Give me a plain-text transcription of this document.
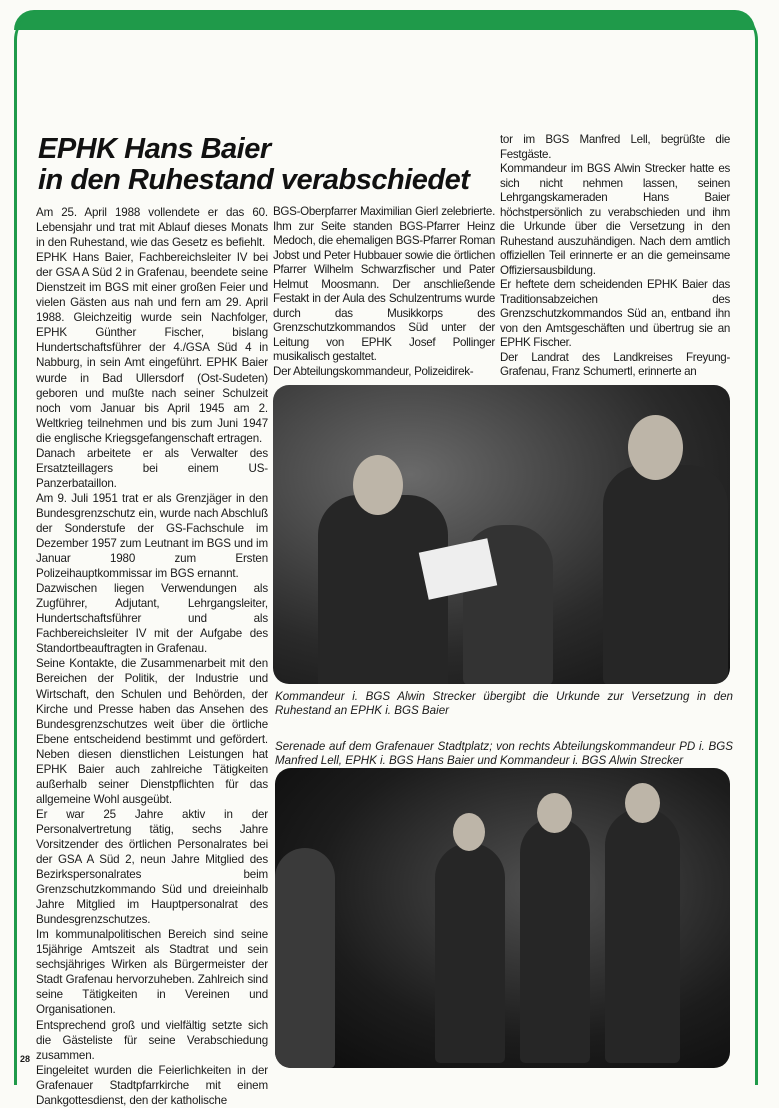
EPHK Hans Baier
in den Ruhestand verabschiedet

Am 25. April 1988 vollendete er das 60. Lebensjahr und trat mit Ablauf dieses Monats in den Ruhestand, wie das Gesetz es befiehlt.

EPHK Hans Baier, Fachbereichsleiter IV bei der GSA A Süd 2 in Grafenau, beendete seine Dienstzeit im BGS mit einer großen Feier und vielen Gästen aus nah und fern am 29. April 1988. Gleichzeitig wurde sein Nachfolger, EPHK Günther Fischer, bislang Hundertschaftsführer der 4./GSA Süd 4 in Nabburg, in sein Amt eingeführt. EPHK Baier wurde in Bad Ullersdorf (Ost-Sudeten) geboren und mußte nach seiner Schulzeit noch vom Januar bis April 1945 am 2. Weltkrieg teilnehmen und bis zum Juni 1947 die englische Kriegsgefangenschaft ertragen.

Danach arbeitete er als Verwalter des Ersatzteillagers bei einem US-Panzerbataillon.

Am 9. Juli 1951 trat er als Grenzjäger in den Bundesgrenzschutz ein, wurde nach Abschluß der Sonderstufe der GS-Fachschule im Dezember 1957 zum Leutnant im BGS und im Januar 1980 zum Ersten Polizeihauptkommissar im BGS ernannt.

Dazwischen liegen Verwendungen als Zugführer, Adjutant, Lehrgangsleiter, Hundertschaftsführer und als Fachbereichsleiter IV mit der Aufgabe des Standortbeauftragten in Grafenau.

Seine Kontakte, die Zusammenarbeit mit den Bereichen der Politik, der Industrie und Wirtschaft, den Schulen und Behörden, der Kirche und Presse haben das Ansehen des Bundesgrenzschutzes weit über die örtliche Ebene entscheidend bestimmt und gefördert. Neben diesen dienstlichen Leistungen hat EPHK Baier auch zahlreiche Tätigkeiten außerhalb seiner Dienstpflichten für das allgemeine Wohl ausgeübt.

Er war 25 Jahre aktiv in der Personalvertretung tätig, sechs Jahre Vorsitzender des örtlichen Personalrates bei der GSA A Süd 2, neun Jahre Mitglied des Bezirkspersonalrates beim Grenzschutzkommando Süd und dreieinhalb Jahre Mitglied im Hauptpersonalrat des Bundesgrenzschutzes.

Im kommunalpolitischen Bereich sind seine 15jährige Amtszeit als Stadtrat und sein sechsjähriges Wirken als Bürgermeister der Stadt Grafenau hervorzuheben. Zahlreich sind seine Tätigkeiten in Vereinen und Organisationen.

Entsprechend groß und vielfältig setzte sich die Gästeliste für seine Verabschiedung zusammen.

Eingeleitet wurden die Feierlichkeiten in der Grafenauer Stadtpfarrkirche mit einem Dankgottesdienst, den der katholische

BGS-Oberpfarrer Maximilian Gierl zelebrierte. Ihm zur Seite standen BGS-Pfarrer Heinz Medoch, die ehemaligen BGS-Pfarrer Roman Jobst und Peter Hubbauer sowie die örtlichen Pfarrer Wilhelm Schwarzfischer und Pater Helmut Moosmann. Der anschließende Festakt in der Aula des Schulzentrums wurde durch das Musikkorps des Grenzschutzkommandos Süd unter der Leitung von EPHK Josef Pollinger musikalisch gestaltet.

Der Abteilungskommandeur, Polizeidirek-

tor im BGS Manfred Lell, begrüßte die Festgäste.

Kommandeur im BGS Alwin Strecker hatte es sich nicht nehmen lassen, seinen Lehrgangskameraden Hans Baier höchstpersönlich zu verabschieden und ihm die Urkunde über die Versetzung in den Ruhestand auszuhändigen. Nach dem amtlich offiziellen Teil erinnerte er an die gemeinsame Offiziersausbildung.

Er heftete dem scheidenden EPHK Baier das Traditionsabzeichen des Grenzschutzkommandos Süd an, entband ihn von den Amtsgeschäften und übertrug sie an EPHK Fischer.

Der Landrat des Landkreises Freyung-Grafenau, Franz Schumertl, erinnerte an

Kommandeur i. BGS Alwin Strecker übergibt die Urkunde zur Versetzung in den Ruhestand an EPHK i. BGS Baier
Serenade auf dem Grafenauer Stadtplatz; von rechts Abteilungskommandeur PD i. BGS Manfred Lell, EPHK i. BGS Hans Baier und Kommandeur i. BGS Alwin Strecker
28
